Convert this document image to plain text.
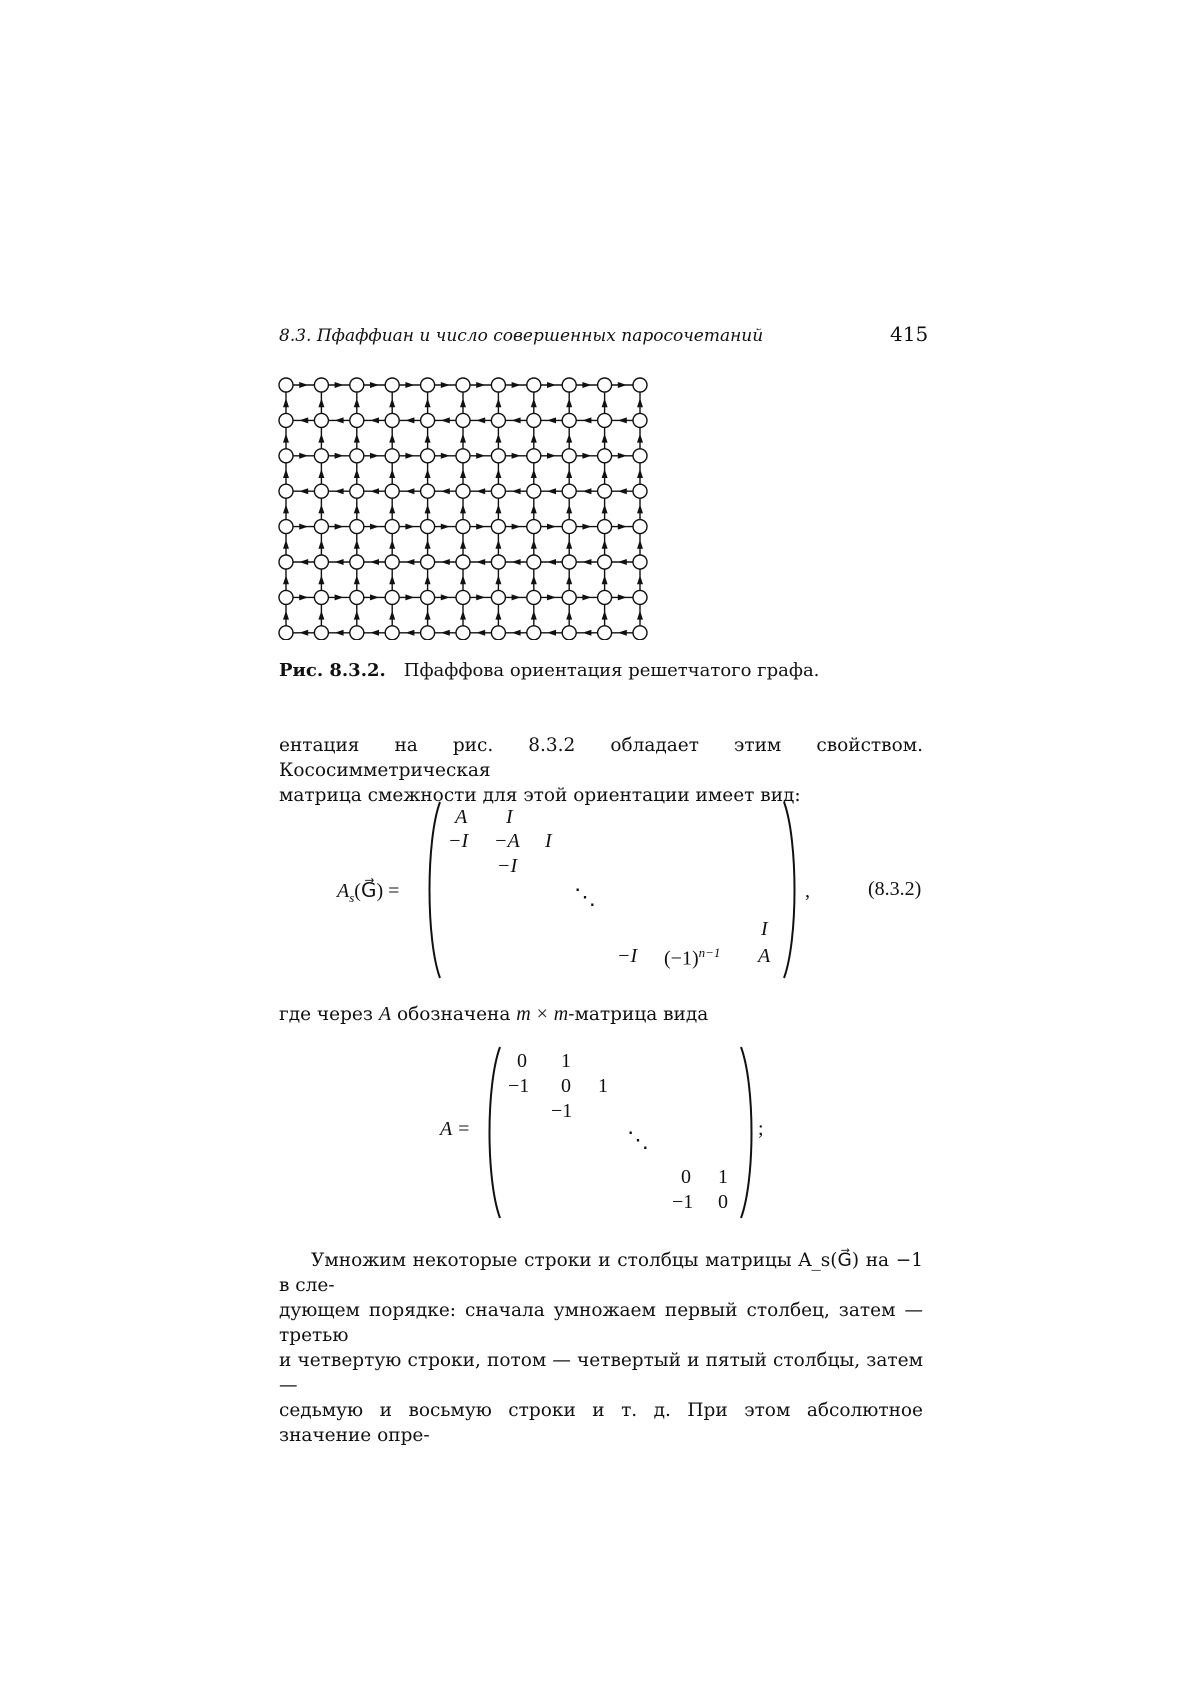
8.3. Пфаффиан и число совершенных паросочетаний	415
Рис. 8.3.2. Пфаффова ориентация решетчатого графа.
ентация на рис. 8.3.2 обладает этим свойством. Кососимметрическая
матрица смежности для этой ориентации имеет вид:
$A_s(G⃗)$ =
A I
−I −A I
−I
⋱
I
−I $(-1)^{n-1}$ A
,	(8.3.2)
где через A обозначена m × m-матрица вида
A =
0 1
−1 0 1
−1
⋱
0 1
−1 0
;
Умножим некоторые строки и столбцы матрицы A_s(G⃗) на −1 в сле-
дующем порядке: сначала умножаем первый столбец, затем — третью
и четвертую строки, потом — четвертый и пятый столбцы, затем —
седьмую и восьмую строки и т. д. При этом абсолютное значение опре-
